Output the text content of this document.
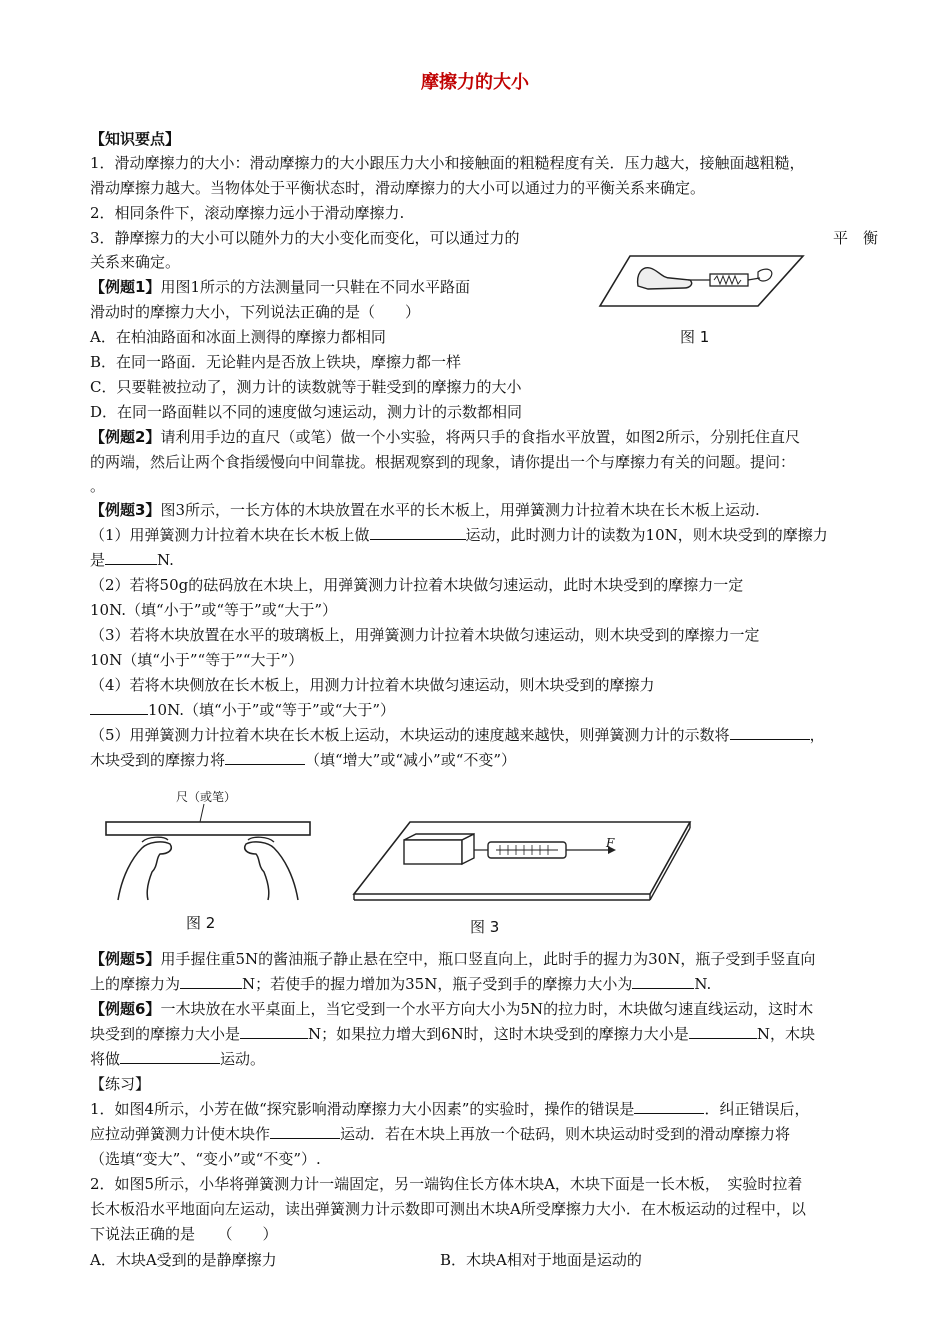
摩擦力的大小
【知识要点】
1．滑动摩擦力的大小：滑动摩擦力的大小跟压力大小和接触面的粗糙程度有关．压力越大，接触面越粗糙，
滑动摩擦力越大。当物体处于平衡状态时，滑动摩擦力的大小可以通过力的平衡关系来确定。
2．相同条件下，滚动摩擦力远小于滑动摩擦力.
3．静摩擦力的大小可以随外力的大小变化而变化，可以通过力的	平　衡
关系来确定。
【例题1】用图1所示的方法测量同一只鞋在不同水平路面
滑动时的摩擦力大小，下列说法正确的是（　　）
A．在柏油路面和冰面上测得的摩擦力都相同
B．在同一路面．无论鞋内是否放上铁块，摩擦力都一样
C．只要鞋被拉动了，测力计的读数就等于鞋受到的摩擦力的大小
D．在同一路面鞋以不同的速度做匀速运动，测力计的示数都相同
图 1
【例题2】请利用手边的直尺（或笔）做一个小实验，将两只手的食指水平放置，如图2所示，分别托住直尺
的两端，然后让两个食指缓慢向中间靠拢。根据观察到的现象，请你提出一个与摩擦力有关的问题。提问：
。
【例题3】图3所示，一长方体的木块放置在水平的长木板上，用弹簧测力计拉着木块在长木板上运动.
（1）用弹簧测力计拉着木块在长木板上做	运动，此时测力计的读数为10N，则木块受到的摩擦力
是	N.
（2）若将50g的砝码放在木块上，用弹簧测力计拉着木块做匀速运动，此时木块受到的摩擦力一定
10N.（填“小于”或“等于”或“大于”）
（3）若将木块放置在水平的玻璃板上，用弹簧测力计拉着木块做匀速运动，则木块受到的摩擦力一定
10N（填“小于”“等于”“大于”）
（4）若将木块侧放在长木板上，用测力计拉着木块做匀速运动，则木块受到的摩擦力
10N.（填“小于”或“等于”或“大于”）
（5）用弹簧测力计拉着木块在长木板上运动，木块运动的速度越来越快，则弹簧测力计的示数将	，
木块受到的摩擦力将	（填“增大”或“减小”或“不变”）
尺（或笔）
图 2
F
图 3
【例题5】用手握住重5N的酱油瓶子静止悬在空中，瓶口竖直向上，此时手的握力为30N，瓶子受到手竖直向
上的摩擦力为	N；若使手的握力增加为35N，瓶子受到手的摩擦力大小为	N.
【例题6】一木块放在水平桌面上，当它受到一个水平方向大小为5N的拉力时，木块做匀速直线运动，这时木
块受到的摩擦力大小是	N；如果拉力增大到6N时，这时木块受到的摩擦力大小是	N，木块
将做	运动。
【练习】
1．如图4所示，小芳在做“探究影响滑动摩擦力大小因素”的实验时，操作的错误是	．纠正错误后，
应拉动弹簧测力计使木块作	运动．若在木块上再放一个砝码，则木块运动时受到的滑动摩擦力将
（选填“变大”、“变小”或“不变”）.
2．如图5所示，小华将弹簧测力计一端固定，另一端钩住长方体木块A，木块下面是一长木板，　实验时拉着
长木板沿水平地面向左运动，读出弹簧测力计示数即可测出木块A所受摩擦力大小．在木板运动的过程中，以
下说法正确的是　　（　　）
A．木块A受到的是静摩擦力	B．木块A相对于地面是运动的
